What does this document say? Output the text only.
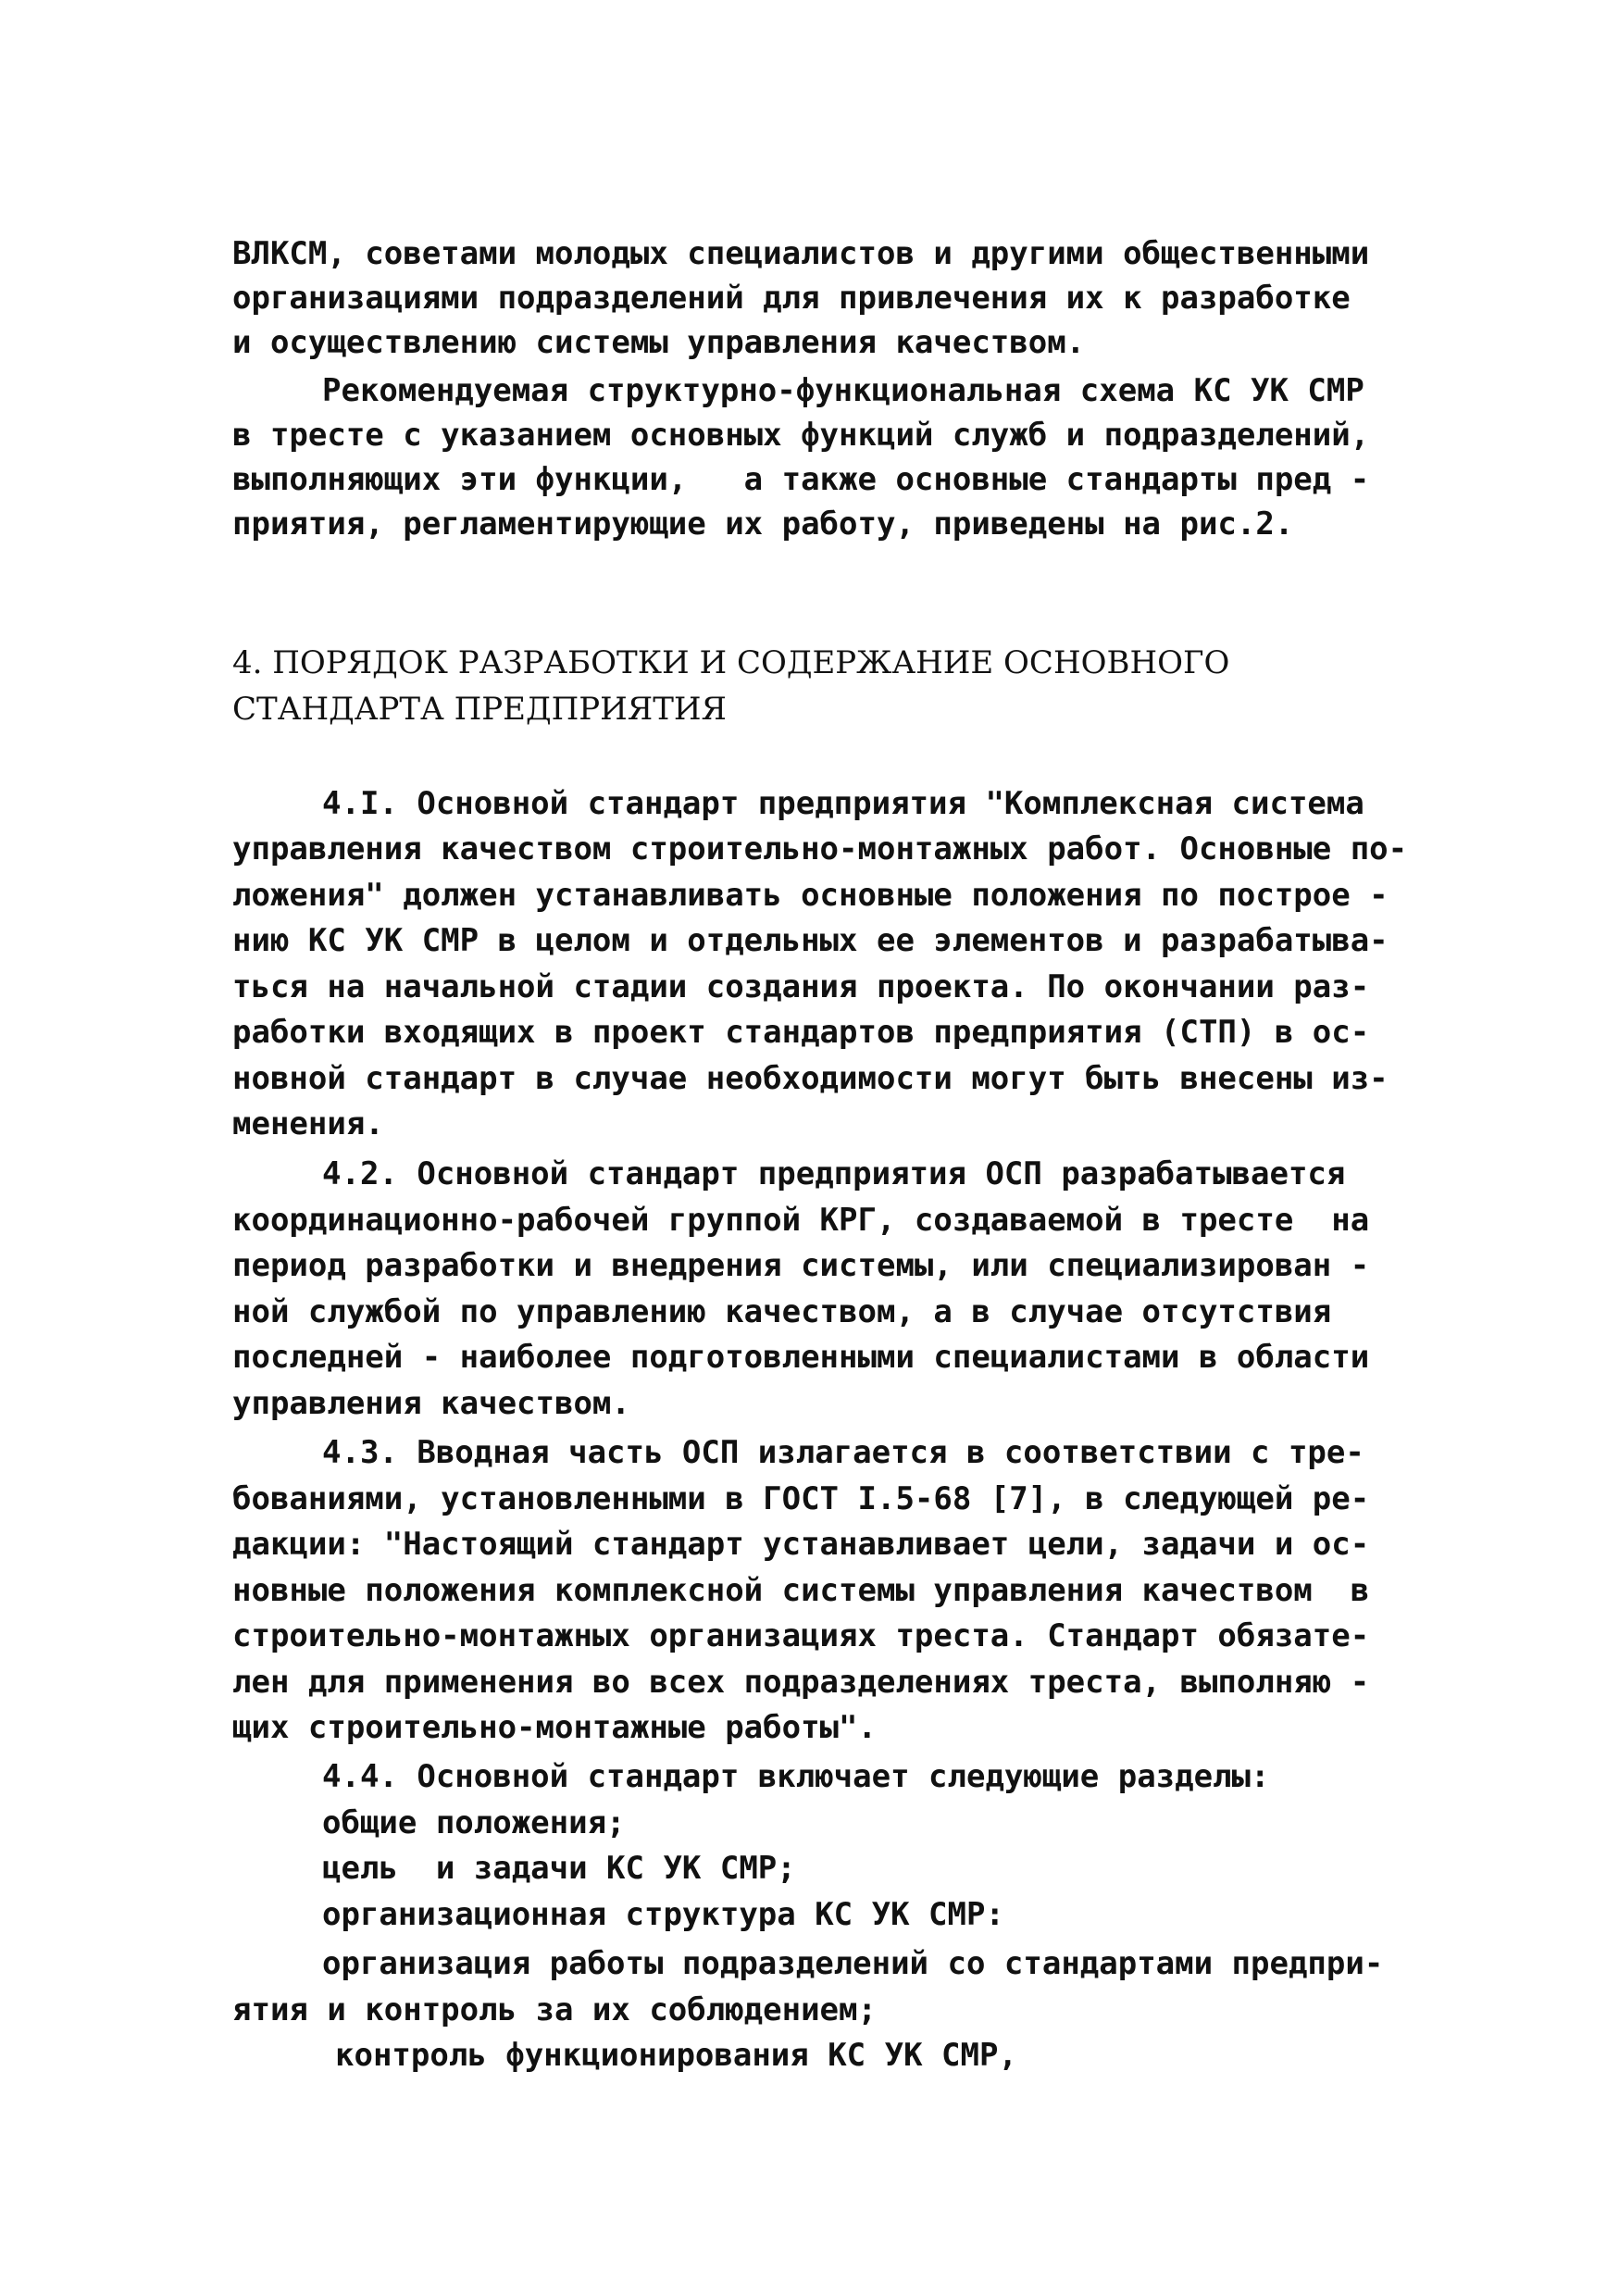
ВЛКСМ, советами молодых специалистов и другими общественными
организациями подразделений для привлечения их к разработке
и осуществлению системы управления качеством.
Рекомендуемая структурно-функциональная схема КС УК СМР
в тресте с указанием основных функций служб и подразделений,
выполняющих эти функции,   а также основные стандарты пред -
приятия, регламентирующие их работу, приведены на рис.2.
4. ПОРЯДОК РАЗРАБОТКИ И СОДЕРЖАНИЕ ОСНОВНОГО
СТАНДАРТА ПРЕДПРИЯТИЯ
4.I. Основной стандарт предприятия "Комплексная система
управления качеством строительно-монтажных работ. Основные по-
ложения" должен устанавливать основные положения по построе -
нию КС УК СМР в целом и отдельных ее элементов и разрабатыва-
ться на начальной стадии создания проекта. По окончании раз-
работки входящих в проект стандартов предприятия (СТП) в ос-
новной стандарт в случае необходимости могут быть внесены из-
менения.
4.2. Основной стандарт предприятия ОСП разрабатывается
координационно-рабочей группой КРГ, создаваемой в тресте  на
период разработки и внедрения системы, или специализирован -
ной службой по управлению качеством, а в случае отсутствия
последней - наиболее подготовленными специалистами в области
управления качеством.
4.3. Вводная часть ОСП излагается в соответствии с тре-
бованиями, установленными в ГОСТ I.5-68 [7], в следующей ре-
дакции: "Настоящий стандарт устанавливает цели, задачи и ос-
новные положения комплексной системы управления качеством  в
строительно-монтажных организациях треста. Стандарт обязате-
лен для применения во всех подразделениях треста, выполняю -
щих строительно-монтажные работы".
4.4. Основной стандарт включает следующие разделы:
общие положения;
цель  и задачи КС УК СМР;
организационная структура КС УК СМР:
организация работы подразделений со стандартами предпри-
ятия и контроль за их соблюдением;
контроль функционирования КС УК СМР,
